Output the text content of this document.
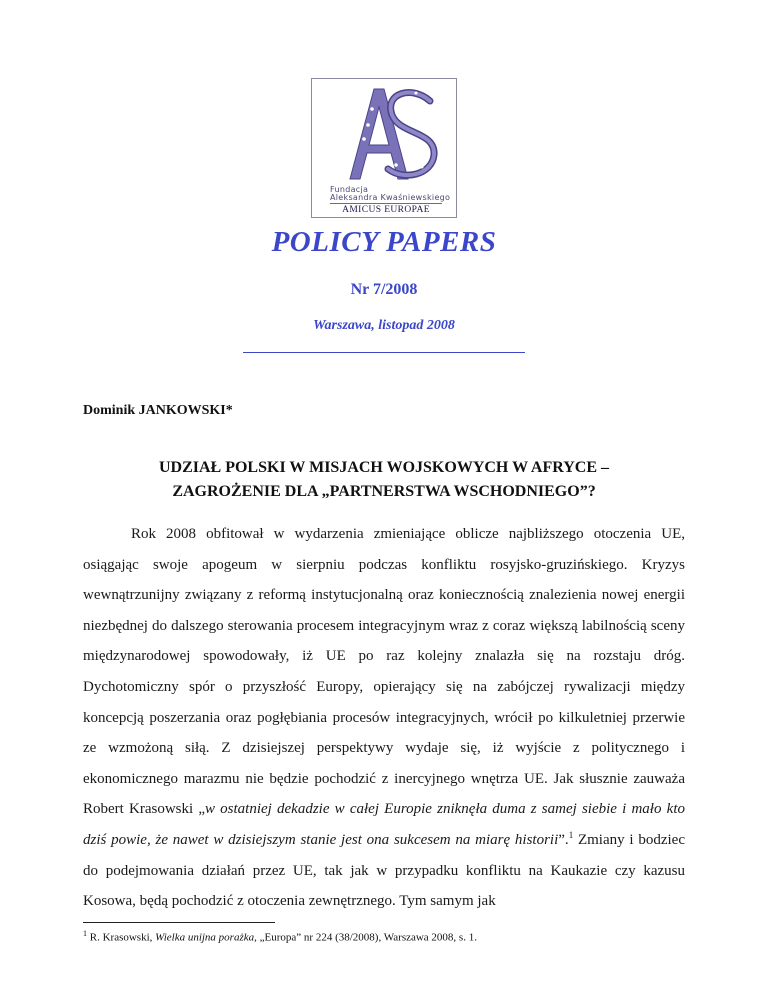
Fundacja
Aleksandra Kwaśniewskiego
AMICUS EUROPAE
POLICY PAPERS
Nr 7/2008
Warszawa, listopad 2008
Dominik JANKOWSKI*
UDZIAŁ POLSKI W MISJACH WOJSKOWYCH W AFRYCE –
ZAGROŻENIE DLA „PARTNERSTWA WSCHODNIEGO”?

Rok 2008 obfitował w wydarzenia zmieniające oblicze najbliższego otoczenia UE, osiągając swoje apogeum w sierpniu podczas konfliktu rosyjsko-gruzińskiego. Kryzys wewnątrzunijny związany z reformą instytucjonalną oraz koniecznością znalezienia nowej energii niezbędnej do dalszego sterowania procesem integracyjnym wraz z coraz większą labilnością sceny międzynarodowej spowodowały, iż UE po raz kolejny znalazła się na rozstaju dróg. Dychotomiczny spór o przyszłość Europy, opierający się na zabójczej rywalizacji między koncepcją poszerzania oraz pogłębiania procesów integracyjnych, wrócił po kilkuletniej przerwie ze wzmożoną siłą. Z dzisiejszej perspektywy wydaje się, iż wyjście z politycznego i ekonomicznego marazmu nie będzie pochodzić z inercyjnego wnętrza UE. Jak słusznie zauważa Robert Krasowski „w ostatniej dekadzie w całej Europie zniknęła duma z samej siebie i mało kto dziś powie, że nawet w dzisiejszym stanie jest ona sukcesem na miarę historii”.$^1$ Zmiany i bodziec do podejmowania działań przez UE, tak jak w przypadku konfliktu na Kaukazie czy kazusu Kosowa, będą pochodzić z otoczenia zewnętrznego. Tym samym jak

$^1$ R. Krasowski, Wielka unijna porażka, „Europa” nr 224 (38/2008), Warszawa 2008, s. 1.
